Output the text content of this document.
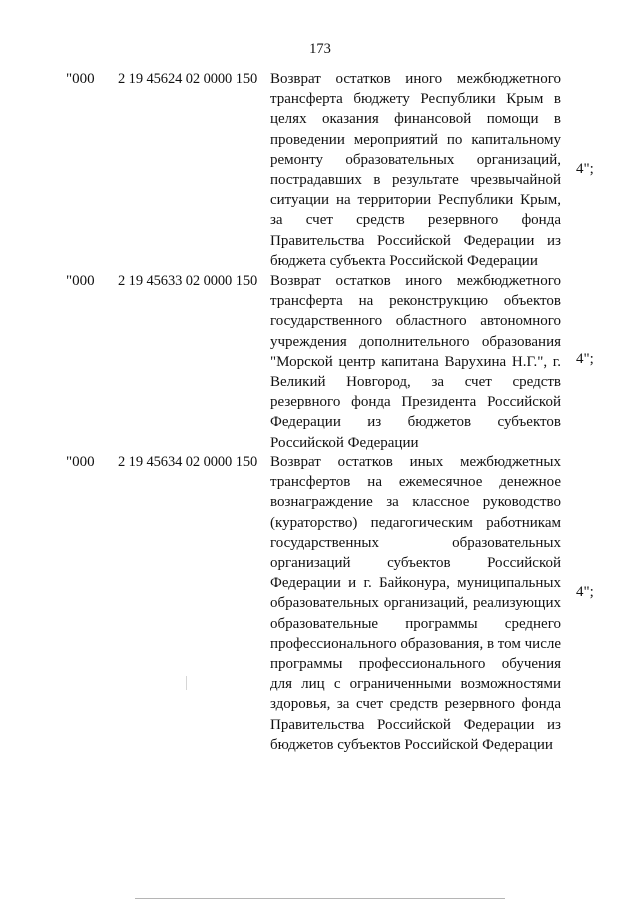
173
"000 2 19 45624 02 0000 150 Возврат остатков иного межбюджетного трансферта бюджету Республики Крым в целях оказания финансовой помощи в проведении мероприятий по капитальному ремонту образовательных организаций, пострадавших в результате чрезвычайной ситуации на территории Республики Крым, за счет средств резервного фонда Правительства Российской Федерации из бюджета субъекта Российской Федерации
4";
"000 2 19 45633 02 0000 150 Возврат остатков иного межбюджетного трансферта на реконструкцию объектов государственного областного автономного учреждения дополнительного образования "Морской центр капитана Варухина Н.Г.", г. Великий Новгород, за счет средств резервного фонда Президента Российской Федерации из бюджетов субъектов Российской Федерации
4";
"000 2 19 45634 02 0000 150 Возврат остатков иных межбюджетных трансфертов на ежемесячное денежное вознаграждение за классное руководство (кураторство) педагогическим работникам государственных образовательных организаций субъектов Российской Федерации и г. Байконура, муниципальных образовательных организаций, реализующих образовательные программы среднего профессионального образования, в том числе программы профессионального обучения для лиц с ограниченными возможностями здоровья, за счет средств резервного фонда Правительства Российской Федерации из бюджетов субъектов Российской Федерации
4";
